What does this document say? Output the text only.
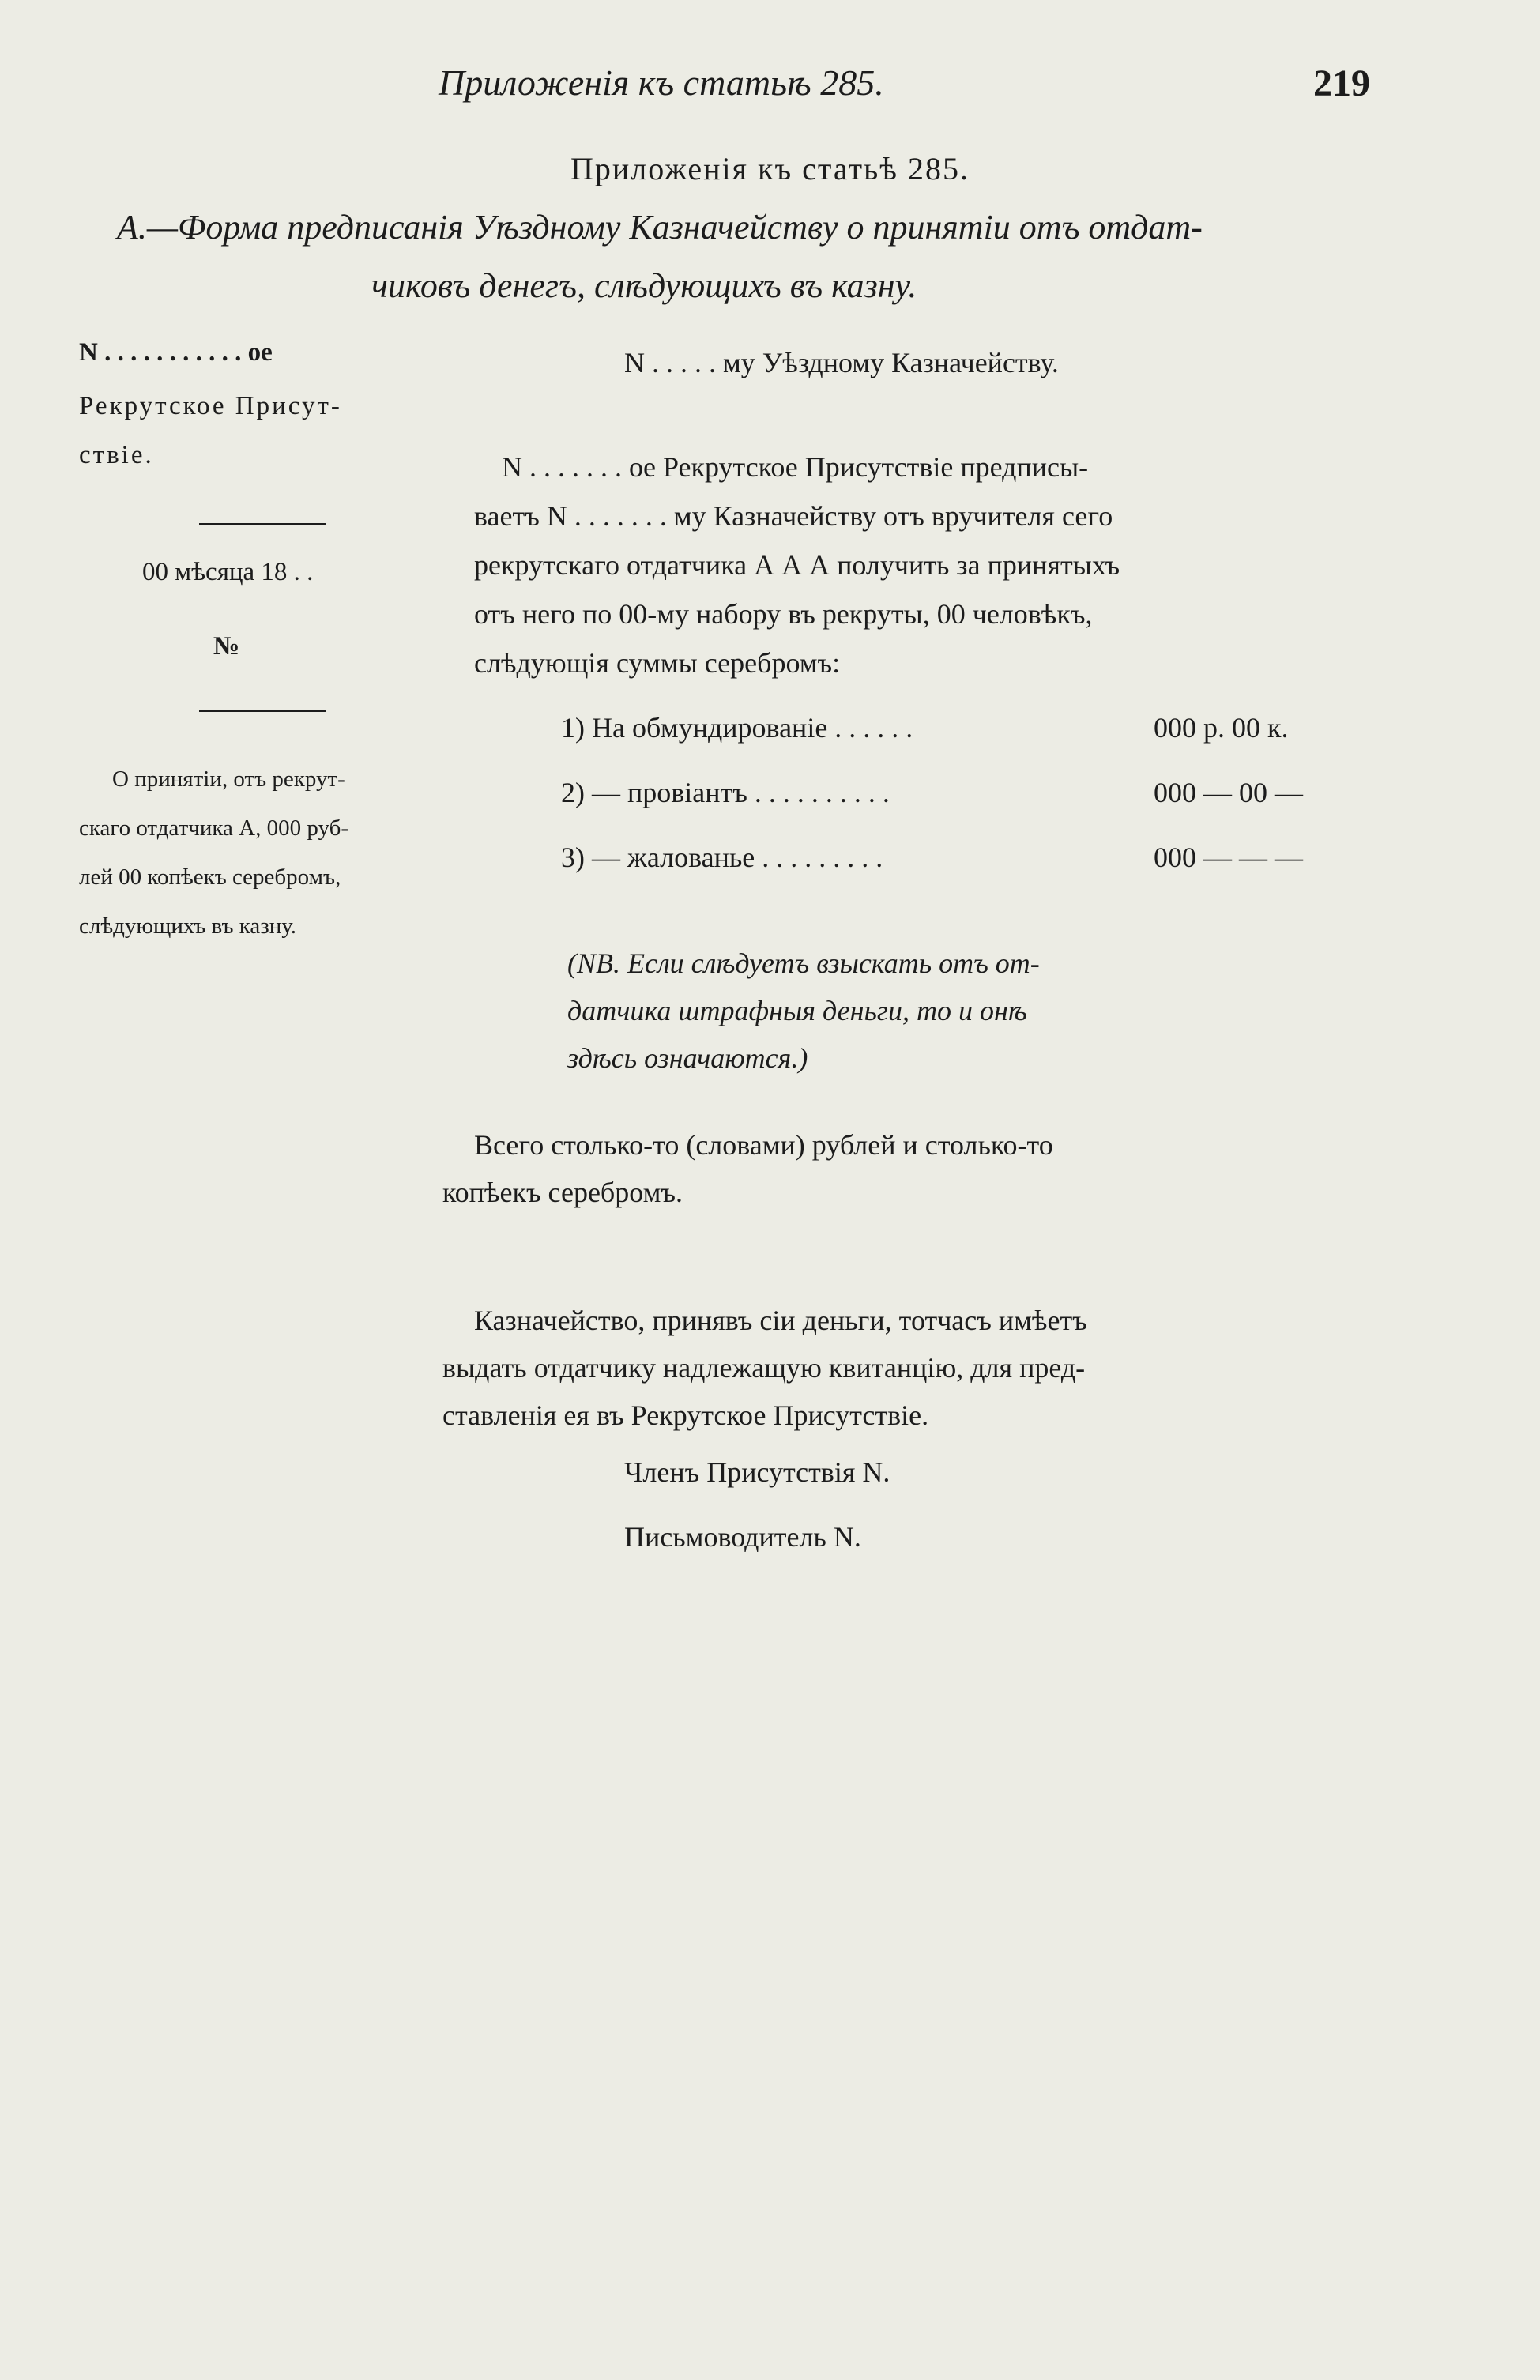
Приложенія къ статьѣ 285.	219
Приложенія къ статьѣ 285.
А.—Форма предписанія Уѣздному Казначейству о принятіи отъ отдат-
чиковъ денегъ, слѣдующихъ въ казну.
N . . . . . . . . . . . oe
Рекрутское Присут-
ствіе.
00 мѣсяца 18 . .
№
О принятіи, отъ рекрут-
скаго отдатчика А, 000 руб-
лей 00 копѣекъ серебромъ,
слѣдующихъ въ казну.
N . . . . . му Уѣздному Казначейству.
N . . . . . . . oe Рекрутское Присутствіе предписы-
ваетъ N . . . . . . . му Казначейству отъ вручителя сего
рекрутскаго отдатчика А А А получить за принятыхъ
отъ него по 00-му набору въ рекруты, 00 человѣкъ,
слѣдующія суммы серебромъ:
1) На обмундированіе . . . . . .	000 р. 00 к.
2) — провіантъ . . . . . . . . . .	000 — 00 —
3) — жалованье . . . . . . . . .	000 — — —
(NB. Если слѣдуетъ взыскать отъ от-
датчика штрафныя деньги, то и онѣ
здѣсь означаются.)
Всего столько-то (словами) рублей и столько-то
копѣекъ серебромъ.
Казначейство, принявъ сіи деньги, тотчасъ имѣетъ
выдать отдатчику надлежащую квитанцію, для пред-
ставленія ея въ Рекрутское Присутствіе.
Членъ Присутствія N.
Письмоводитель N.
